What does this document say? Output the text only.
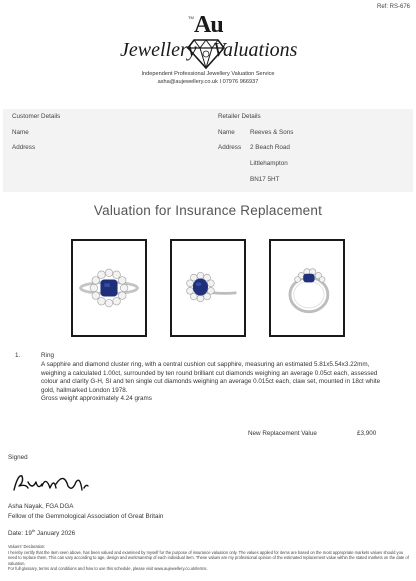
Ref: RS-676
TM Au
Jewellery Valuations
Independent Professional Jewellery Valuation Service
asha@aujewellery.co.uk I 07976 966937
Customer Details
Name
Address
Retailer Details
Name Reeves & Sons
Address 2 Beach Road
Littlehampton
BN17 5HT
Valuation for Insurance Replacement
1.	Ring
A sapphire and diamond cluster ring, with a central cushion cut sapphire, measuring an estimated 5.81x5.54x3.22mm, weighing a calculated 1.00ct, surrounded by ten round brilliant cut diamonds weighing an average 0.05ct each, assessed colour and clarity G-H, SI and ten single cut diamonds weighing an average 0.015ct each, claw set, mounted in 18ct white gold, hallmarked London 1978.
Gross weight approximately 4.24 grams
New Replacement Value	£3,900
Signed
Asha Nayak, FGA DGA
Fellow of the Gemmological Association of Great Britain
Date: 19th January 2026
Valuers' Declaration:
I hereby certify that the item seen above, has been valued and examined by myself for the purpose of insurance valuation only. The values applied for items are based on the most appropriate markets values should you need to replace them. This can vary according to age, design and workmanship of each individual item. These values are my professional opinion of the estimated replacement value within the stated markets on the date of valuation.
For full glossary, terms and conditions and how to use this schedule, please visit www.aujewellery.co.uk/terms.
